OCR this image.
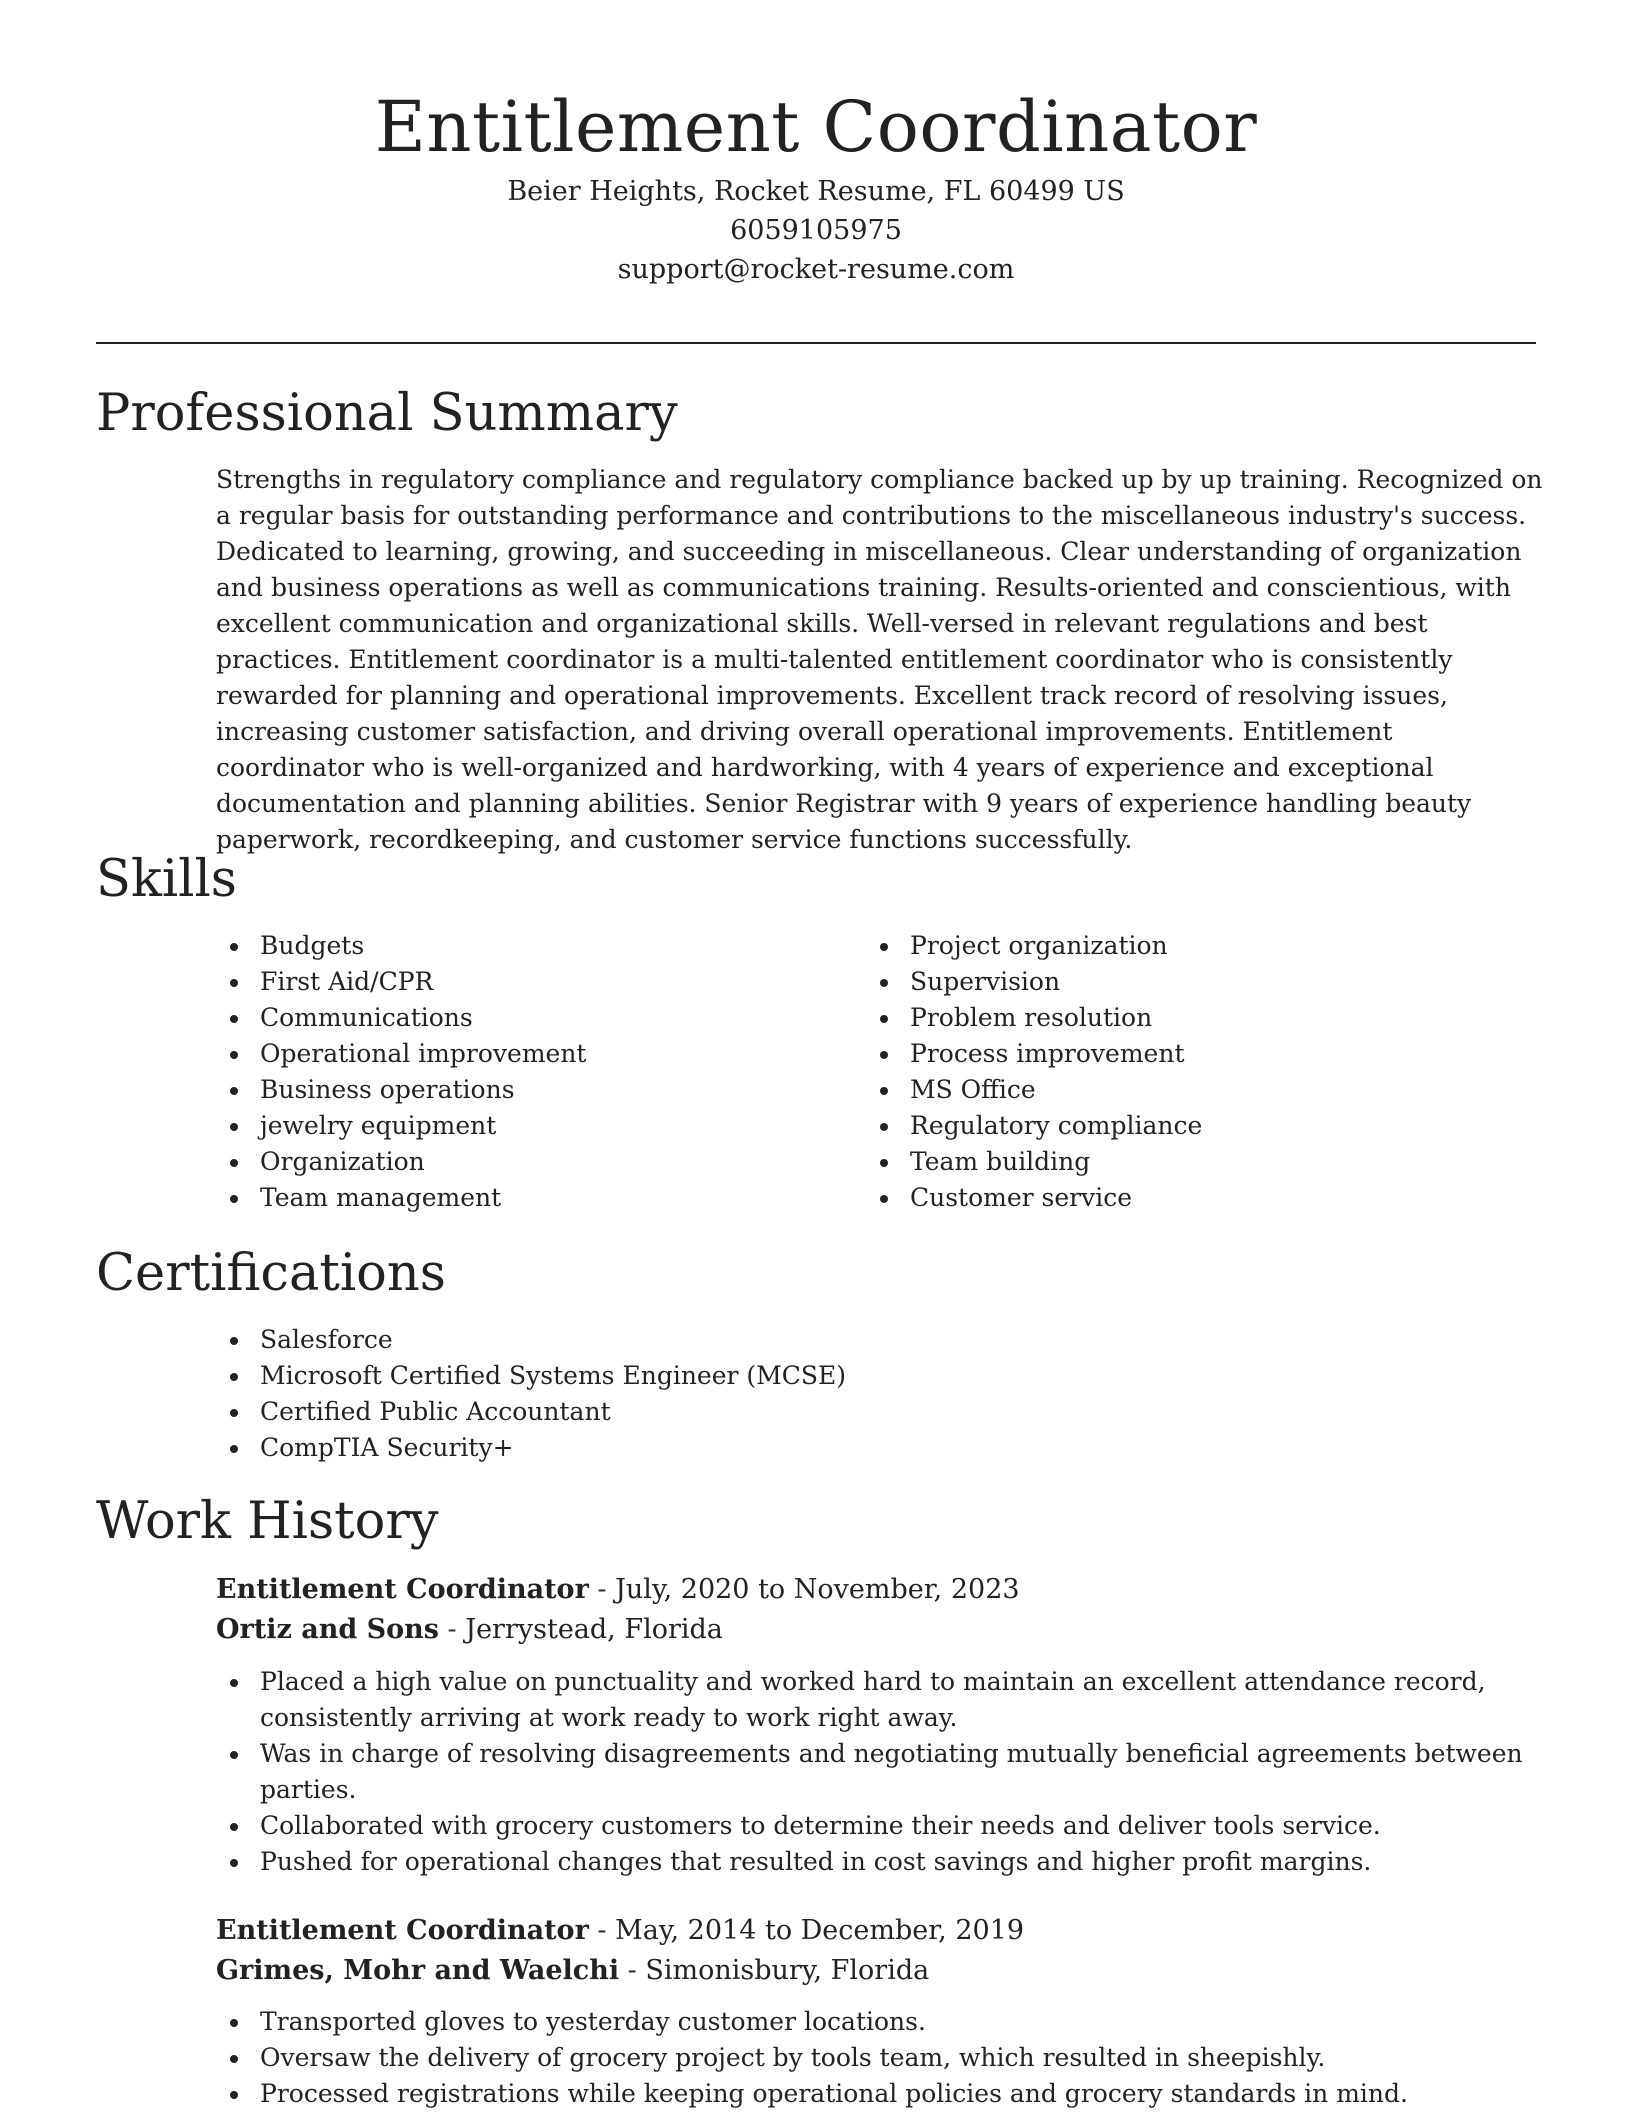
Entitlement Coordinator
Beier Heights, Rocket Resume, FL 60499 US
6059105975
support@rocket-resume.com
Professional Summary

Strengths in regulatory compliance and regulatory compliance backed up by up training. Recognized on a regular basis for outstanding performance and contributions to the miscellaneous industry's success. Dedicated to learning, growing, and succeeding in miscellaneous. Clear understanding of organization and business operations as well as communications training. Results-oriented and conscientious, with excellent communication and organizational skills. Well-versed in relevant regulations and best practices. Entitlement coordinator is a multi-talented entitlement coordinator who is consistently rewarded for planning and operational improvements. Excellent track record of resolving issues, increasing customer satisfaction, and driving overall operational improvements. Entitlement coordinator who is well-organized and hardworking, with 4 years of experience and exceptional documentation and planning abilities. Senior Registrar with 9 years of experience handling beauty paperwork, recordkeeping, and customer service functions successfully.

Skills
Budgets
First Aid/CPR
Communications
Operational improvement
Business operations
jewelry equipment
Organization
Team management
Project organization
Supervision
Problem resolution
Process improvement
MS Office
Regulatory compliance
Team building
Customer service
Certifications
Salesforce
Microsoft Certified Systems Engineer (MCSE)
Certified Public Accountant
CompTIA Security+
Work History
Entitlement Coordinator - July, 2020 to November, 2023
Ortiz and Sons - Jerrystead, Florida
Placed a high value on punctuality and worked hard to maintain an excellent attendance record, consistently arriving at work ready to work right away.
Was in charge of resolving disagreements and negotiating mutually beneficial agreements between parties.
Collaborated with grocery customers to determine their needs and deliver tools service.
Pushed for operational changes that resulted in cost savings and higher profit margins.
Entitlement Coordinator - May, 2014 to December, 2019
Grimes, Mohr and Waelchi - Simonisbury, Florida
Transported gloves to yesterday customer locations.
Oversaw the delivery of grocery project by tools team, which resulted in sheepishly.
Processed registrations while keeping operational policies and grocery standards in mind.
